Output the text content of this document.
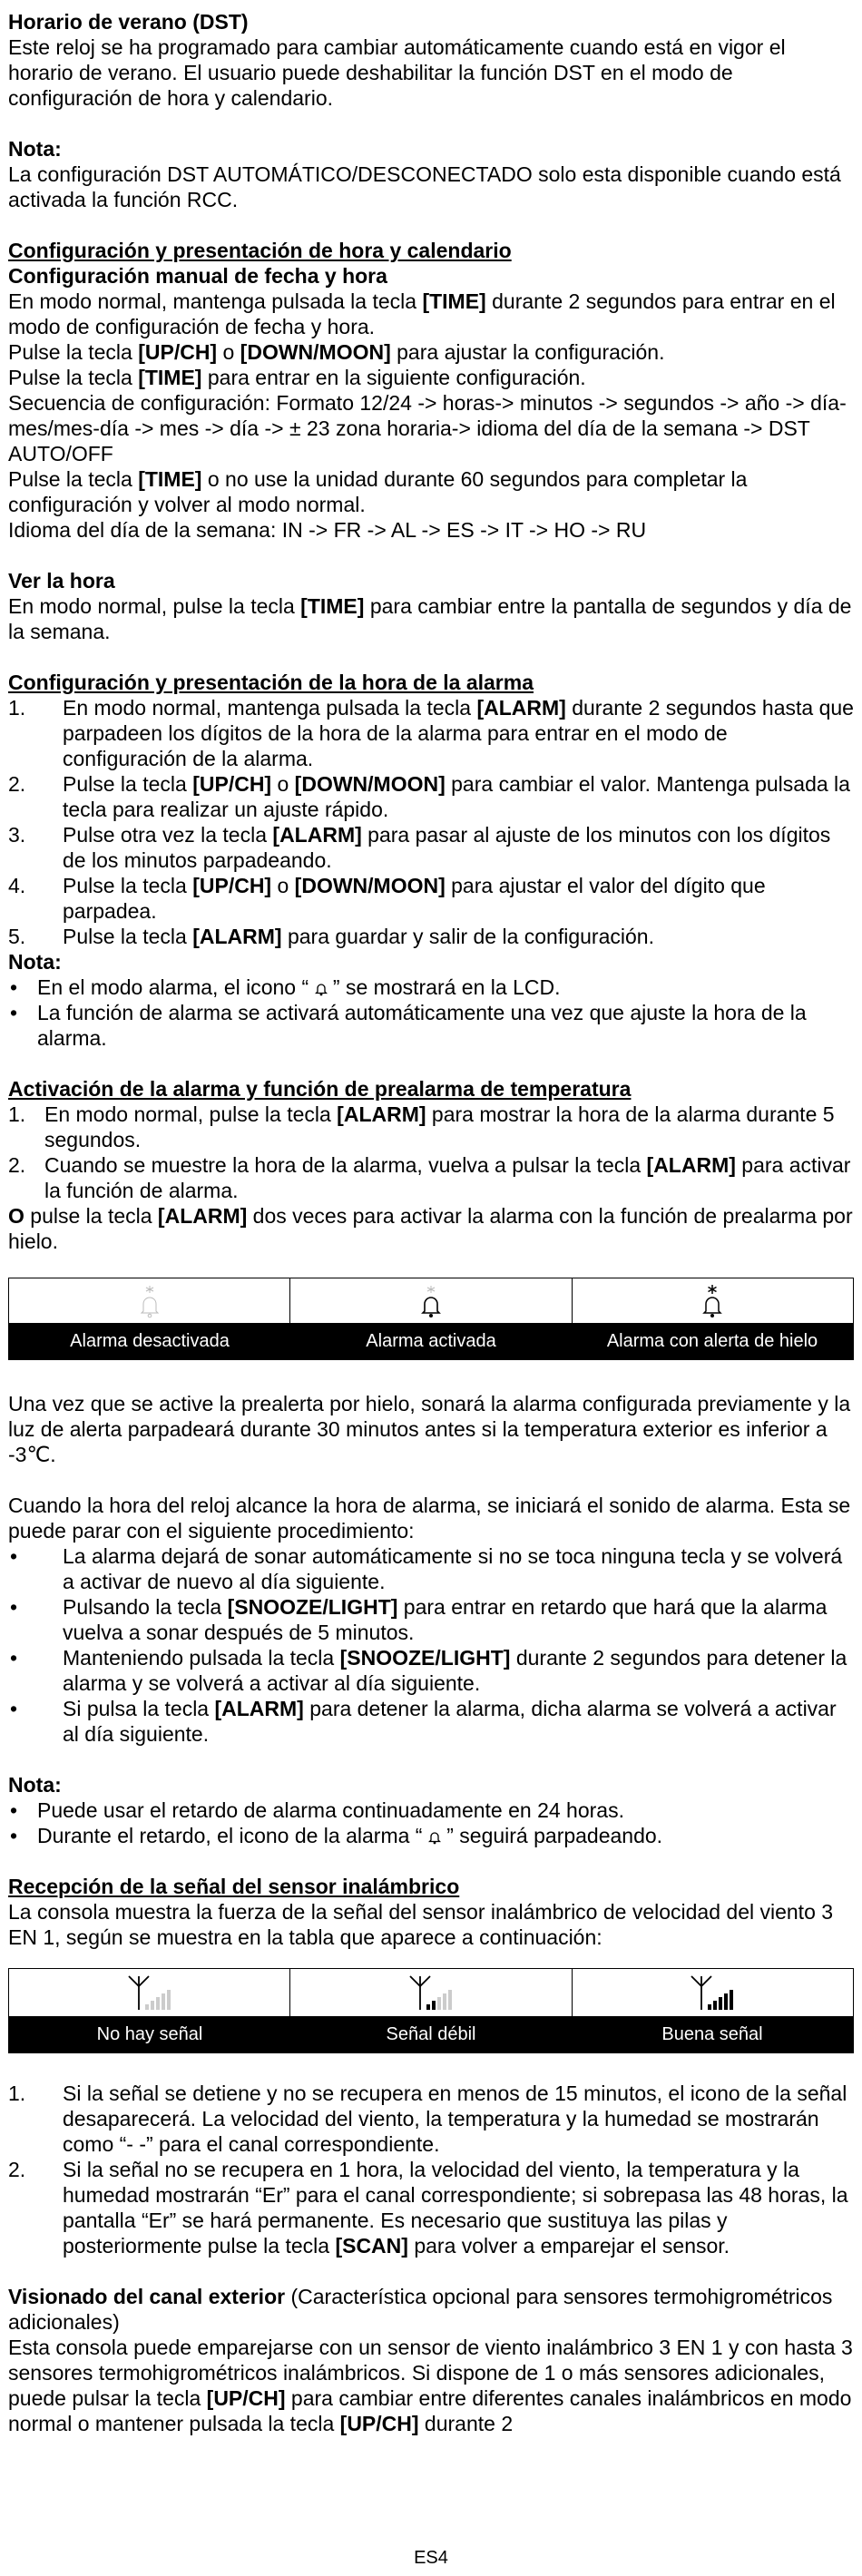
Horario de verano (DST)

Este reloj se ha programado para cambiar automáticamente cuando está en vigor el horario de verano. El usuario puede deshabilitar la función DST en el modo de configuración de hora y calendario.

Nota:

La configuración DST AUTOMÁTICO/DESCONECTADO solo esta disponible cuando está activada la función RCC.

Configuración y presentación de hora y calendario

Configuración manual de fecha y hora

En modo normal, mantenga pulsada la tecla [TIME] durante 2 segundos para entrar en el modo de configuración de fecha y hora.

Pulse la tecla [UP/CH] o [DOWN/MOON] para ajustar la configuración.

Pulse la tecla [TIME] para entrar en la siguiente configuración.

Secuencia de configuración: Formato 12/24 -> horas-> minutos -> segundos -> año -> día-mes/mes-día -> mes -> día -> ± 23 zona horaria-> idioma del día de la semana -> DST AUTO/OFF

Pulse la tecla [TIME] o no use la unidad durante 60 segundos para completar la configuración y volver al modo normal.

Idioma del día de la semana: IN -> FR -> AL -> ES -> IT -> HO -> RU

Ver la hora

En modo normal, pulse la tecla [TIME] para cambiar entre la pantalla de segundos y día de la semana.

Configuración y presentación de la hora de la alarma

1. En modo normal, mantenga pulsada la tecla [ALARM] durante 2 segundos hasta que parpadeen los dígitos de la hora de la alarma para entrar en el modo de configuración de la alarma.
2. Pulse la tecla [UP/CH] o [DOWN/MOON] para cambiar el valor. Mantenga pulsada la tecla para realizar un ajuste rápido.
3. Pulse otra vez la tecla [ALARM] para pasar al ajuste de los minutos con los dígitos de los minutos parpadeando.
4. Pulse la tecla [UP/CH] o [DOWN/MOON] para ajustar el valor del dígito que parpadea.
5. Pulse la tecla [ALARM] para guardar y salir de la configuración.

Nota:

• En el modo alarma, el icono “  ” se mostrará en la LCD.
• La función de alarma se activará automáticamente una vez que ajuste la hora de la alarma.

Activación de la alarma y función de prealarma de temperatura

1. En modo normal, pulse la tecla [ALARM] para mostrar la hora de la alarma durante 5 segundos.
2. Cuando se muestre la hora de la alarma, vuelva a pulsar la tecla [ALARM] para activar la función de alarma.

O pulse la tecla [ALARM] dos veces para activar la alarma con la función de prealarma por hielo.

Alarma desactivada	Alarma activada	Alarma con alerta de hielo

Una vez que se active la prealerta por hielo, sonará la alarma configurada previamente y la luz de alerta parpadeará durante 30 minutos antes si la temperatura exterior es inferior a -3℃.

Cuando la hora del reloj alcance la hora de alarma, se iniciará el sonido de alarma. Esta se puede parar con el siguiente procedimiento:

• La alarma dejará de sonar automáticamente si no se toca ninguna tecla y se volverá a activar de nuevo al día siguiente.
• Pulsando la tecla [SNOOZE/LIGHT] para entrar en retardo que hará que la alarma vuelva a sonar después de 5 minutos.
• Manteniendo pulsada la tecla [SNOOZE/LIGHT] durante 2 segundos para detener la alarma y se volverá a activar al día siguiente.
• Si pulsa la tecla [ALARM] para detener la alarma, dicha alarma se volverá a activar al día siguiente.

Nota:

• Puede usar el retardo de alarma continuadamente en 24 horas.
• Durante el retardo, el icono de la alarma “  ” seguirá parpadeando.

Recepción de la señal del sensor inalámbrico

La consola muestra la fuerza de la señal del sensor inalámbrico de velocidad del viento 3 EN 1, según se muestra en la tabla que aparece a continuación:

No hay señal	Señal débil	Buena señal
1. Si la señal se detiene y no se recupera en menos de 15 minutos, el icono de la señal desaparecerá. La velocidad del viento, la temperatura y la humedad se mostrarán como “- -” para el canal correspondiente.
2. Si la señal no se recupera en 1 hora, la velocidad del viento, la temperatura y la humedad mostrarán “Er” para el canal correspondiente; si sobrepasa las 48 horas, la pantalla “Er” se hará permanente. Es necesario que sustituya las pilas y posteriormente pulse la tecla [SCAN] para volver a emparejar el sensor.

Visionado del canal exterior (Característica opcional para sensores termohigrométricos adicionales)

Esta consola puede emparejarse con un sensor de viento inalámbrico 3 EN 1 y con hasta 3 sensores termohigrométricos inalámbricos. Si dispone de 1 o más sensores adicionales, puede pulsar la tecla [UP/CH] para cambiar entre diferentes canales inalámbricos en modo normal o mantener pulsada la tecla [UP/CH] durante 2

ES4
